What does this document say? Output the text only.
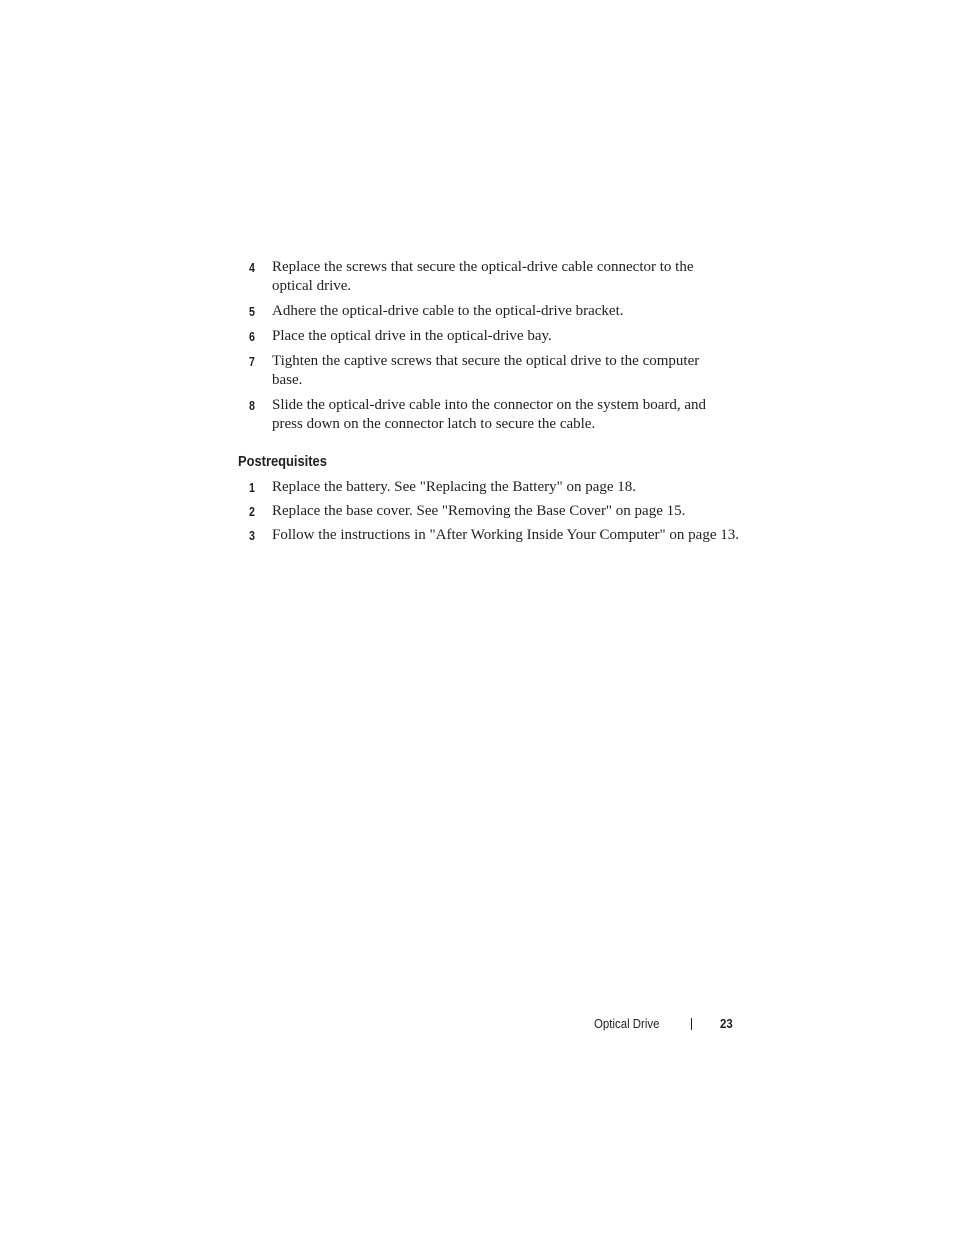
4	Replace the screws that secure the optical-drive cable connector to the
optical drive.
5	Adhere the optical-drive cable to the optical-drive bracket.
6	Place the optical drive in the optical-drive bay.
7	Tighten the captive screws that secure the optical drive to the computer
base.
8	Slide the optical-drive cable into the connector on the system board, and
press down on the connector latch to secure the cable.
Postrequisites
1	Replace the battery. See "Replacing the Battery" on page 18.
2	Replace the base cover. See "Removing the Base Cover" on page 15.
3	Follow the instructions in "After Working Inside Your Computer" on page 13.
Optical Drive	23
